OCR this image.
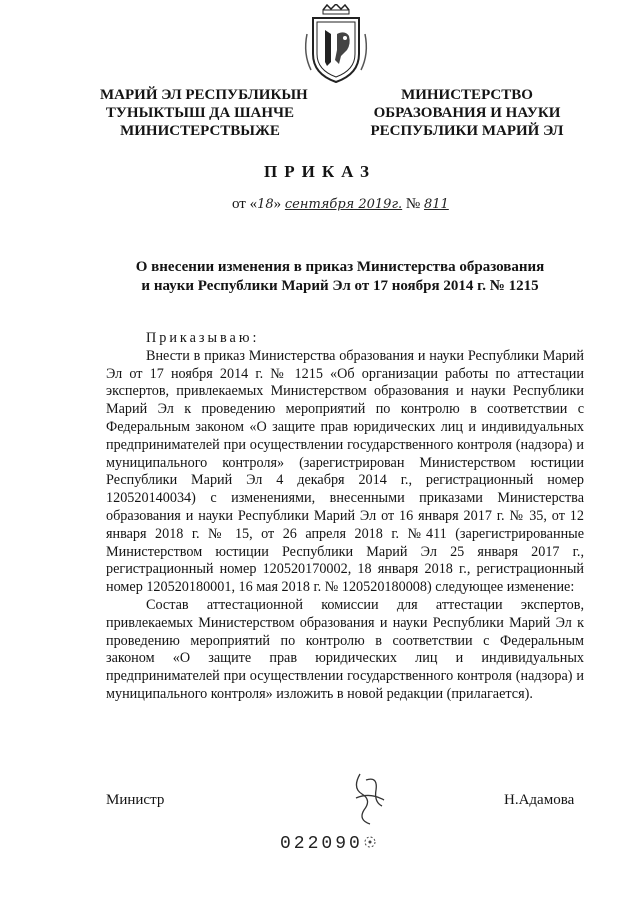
МАРИЙ ЭЛ РЕСПУБЛИКЫН
ТУНЫКТЫШ ДА ШАНЧЕ
МИНИСТЕРСТВЫЖЕ
МИНИСТЕРСТВО
ОБРАЗОВАНИЯ И НАУКИ
РЕСПУБЛИКИ МАРИЙ ЭЛ
ПРИКАЗ
от «18» сентября 2019г. № 811
О внесении изменения в приказ Министерства образования
и науки Республики Марий Эл от 17 ноября 2014 г. № 1215

Приказываю:

Внести в приказ Министерства образования и науки Республики Марий Эл от 17 ноября 2014 г. № 1215 «Об организации работы по аттестации экспертов, привлекаемых Министерством образования и науки Республики Марий Эл к проведению мероприятий по контролю в соответствии с Федеральным законом «О защите прав юридических лиц и индивидуальных предпринимателей при осуществлении государственного контроля (надзора) и муниципального контроля» (зарегистрирован Министерством юстиции Республики Марий Эл 4 декабря 2014 г., регистрационный номер 120520140034) с изменениями, внесенными приказами Министерства образования и науки Республики Марий Эл от 16 января 2017 г. № 35, от 12 января 2018 г. № 15, от 26 апреля 2018 г. №411 (зарегистрированные Министерством юстиции Республики Марий Эл 25 января 2017 г., регистрационный номер 120520170002, 18 января 2018 г., регистрационный номер 120520180001, 16 мая 2018 г. № 120520180008) следующее изменение:

Состав аттестационной комиссии для аттестации экспертов, привлекаемых Министерством образования и науки Республики Марий Эл к проведению мероприятий по контролю в соответствии с Федеральным законом «О защите прав юридических лиц и индивидуальных предпринимателей при осуществлении государственного контроля (надзора) и муниципального контроля» изложить в новой редакции (прилагается).

Министр	Н.Адамова
022090
